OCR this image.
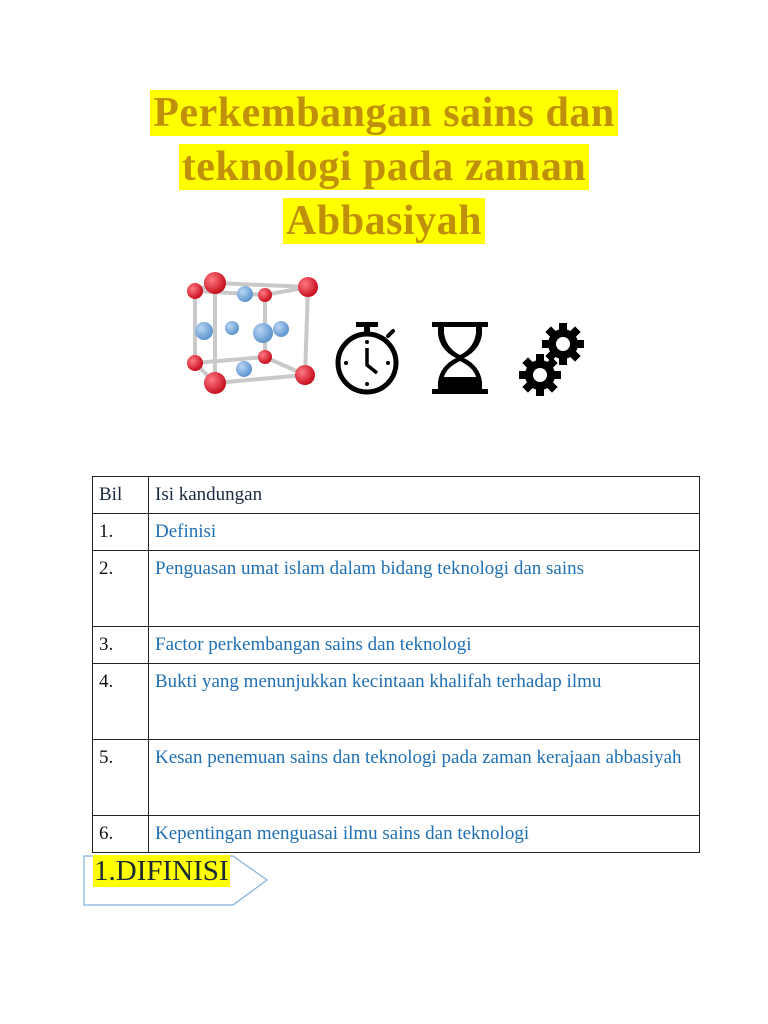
Perkembangan sains dan
teknologi pada zaman
Abbasiyah
Bil	Isi kandungan
1.	Definisi
2.	Penguasan umat islam dalam bidang teknologi dan sains
3.	Factor perkembangan sains dan teknologi
4.	Bukti yang menunjukkan kecintaan khalifah terhadap ilmu
5.	Kesan penemuan sains dan teknologi pada zaman kerajaan abbasiyah
6.	Kepentingan menguasai ilmu sains dan teknologi
1.DIFINISI
